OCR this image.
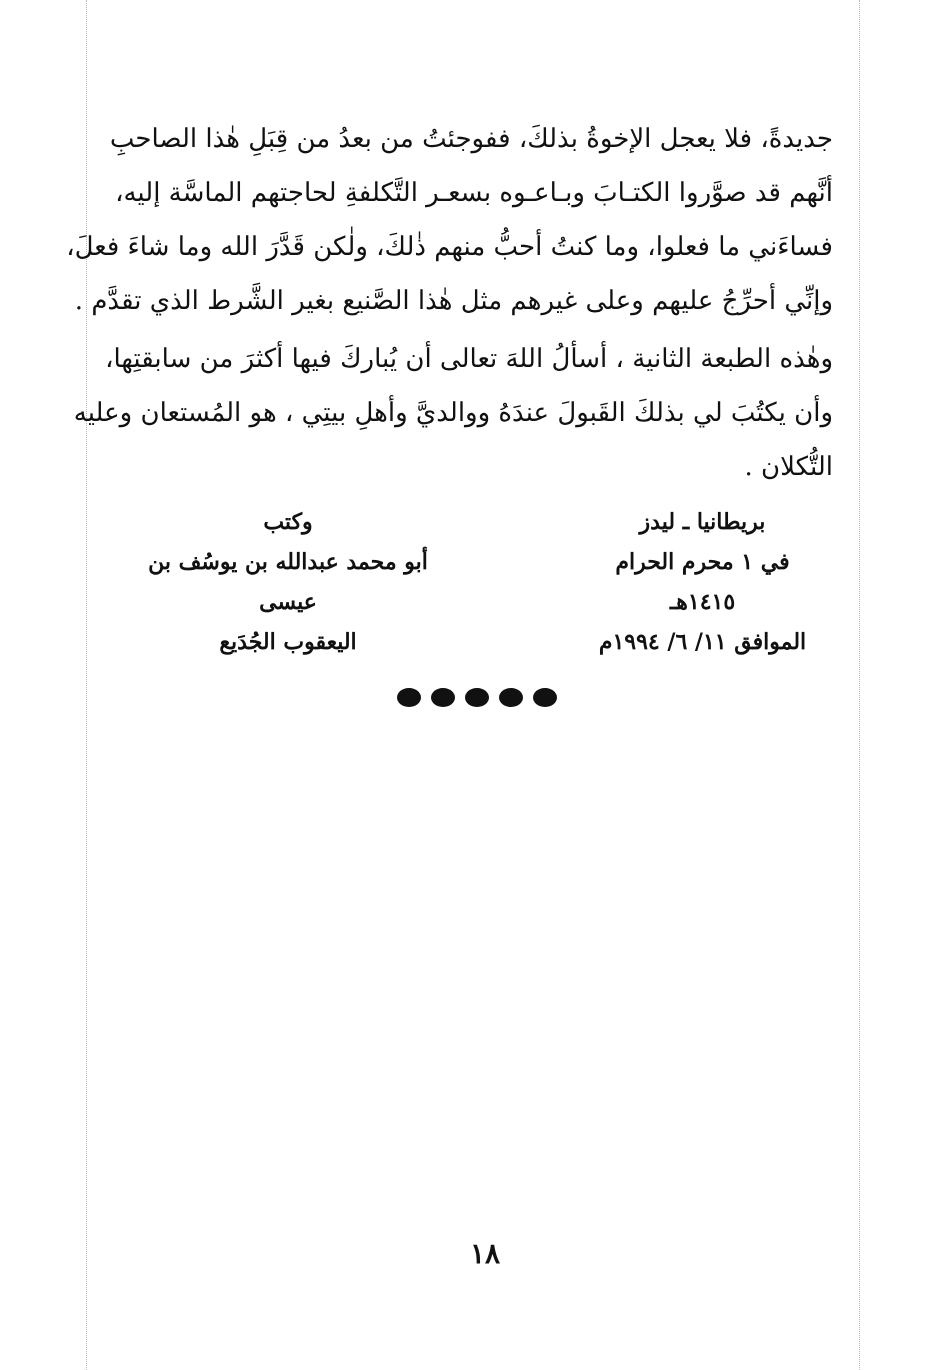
جديدةً، فلا يعجل الإخوةُ بذلكَ، ففوجئتُ من بعدُ من قِبَلِ هٰذا الصاحبِ
أنَّهم قد صوَّروا الكتـابَ وبـاعـوه بسعـر التَّكلفةِ لحاجتهم الماسَّة إليه،
فساءَني ما فعلوا، وما كنتُ أحبُّ منهم ذٰلكَ، ولٰكن قَدَّرَ الله وما شاءَ فعلَ،
وإنِّي أحرِّجُ عليهم وعلى غيرهم مثل هٰذا الصَّنيع بغير الشَّرط الذي تقدَّم .
وهٰذه الطبعة الثانية ، أسألُ اللهَ تعالى أن يُباركَ فيها أكثرَ من سابقتِها،
وأن يكتُبَ لي بذلكَ القَبولَ عندَهُ ووالديَّ وأهلِ بيتِي ، هو المُستعان وعليه
التُّكلان .
بريطانيا ـ ليدز
في ١ محرم الحرام ١٤١٥هـ
الموافق ١١/ ٦/ ١٩٩٤م
وكتب
أبو محمد عبدالله بن يوسُف بن عيسى
اليعقوب الجُدَيع
١٨
